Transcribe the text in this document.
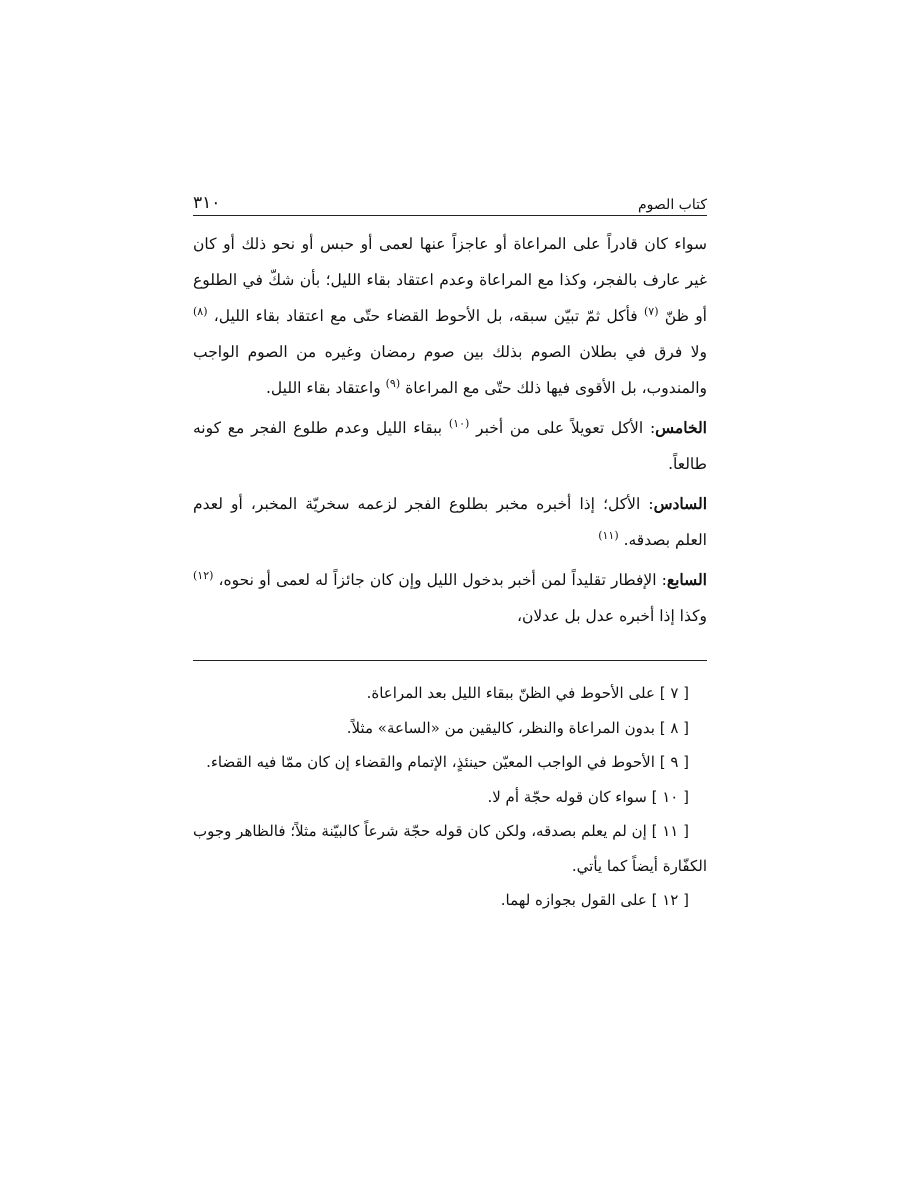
٣١٠	كتاب الصوم

سواء كان قادراً على المراعاة أو عاجزاً عنها لعمى أو حبس أو نحو ذلك أو كان غير عارف بالفجر، وكذا مع المراعاة وعدم اعتقاد بقاء الليل؛ بأن شكّ في الطلوع أو ظنّ $^{(٧)}$ فأكل ثمّ تبيّن سبقه، بل الأحوط القضاء حتّى مع اعتقاد بقاء الليل، $^{(٨)}$ ولا فرق في بطلان الصوم بذلك بين صوم رمضان وغيره من الصوم الواجب والمندوب، بل الأقوى فيها ذلك حتّى مع المراعاة $^{(٩)}$ واعتقاد بقاء الليل.

الخامس: الأكل تعويلاً على من أخبر $^{(١٠)}$ ببقاء الليل وعدم طلوع الفجر مع كونه طالعاً.

السادس: الأكل؛ إذا أخبره مخبر بطلوع الفجر لزعمه سخريّة المخبر، أو لعدم العلم بصدقه. $^{(١١)}$

السابع: الإفطار تقليداً لمن أخبر بدخول الليل وإن كان جائزاً له لعمى أو نحوه، $^{(١٢)}$ وكذا إذا أخبره عدل بل عدلان،

[ ٧ ] على الأحوط في الظنّ ببقاء الليل بعد المراعاة.

[ ٨ ] بدون المراعاة والنظر، كاليقين من «الساعة» مثلاً.

[ ٩ ] الأحوط في الواجب المعيّن حينئذٍ، الإتمام والقضاء إن كان ممّا فيه القضاء.

[ ١٠ ] سواء كان قوله حجّة أم لا.

[ ١١ ] إن لم يعلم بصدقه، ولكن كان قوله حجّة شرعاً كالبيّنة مثلاً؛ فالظاهر وجوب الكفّارة أيضاً كما يأتي.

[ ١٢ ] على القول بجوازه لهما.
